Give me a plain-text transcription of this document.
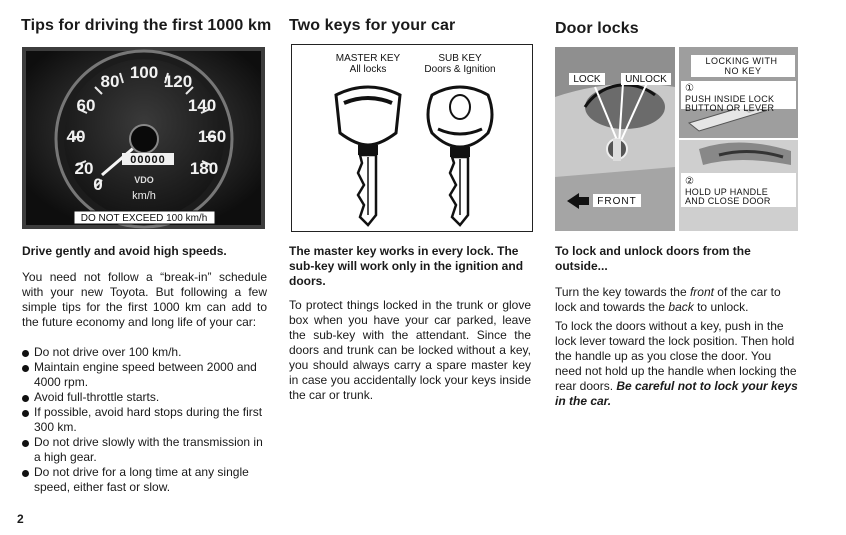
Tips for driving the first 1000 km
0
20
40
60
80 100 120
140
160
180
00000
VDO
km/h
DO NOT EXCEED 100 km/h
Drive gently and avoid high speeds.
You need not follow a “break-in” schedule with your new Toyota. But following a few simple tips for the first 1000 km can add to the future economy and long life of your car:
Do not drive over 100 km/h.
Maintain engine speed between 2000 and 4000 rpm.
Avoid full-throttle starts.
If possible, avoid hard stops during the first 300 km.
Do not drive slowly with the transmission in a high gear.
Do not drive for a long time at any single speed, either fast or slow.
Two keys for your car
MASTER KEY
All locks
SUB KEY
Doors & Ignition
The master key works in every lock. The sub-key will work only in the ignition and doors.
To protect things locked in the trunk or glove box when you have your car parked, leave the sub-key with the attendant. Since the doors and trunk can be locked without a key, you should always carry a spare master key in case you accidentally lock your keys inside the car or trunk.
Door locks
LOCK UNLOCK
FRONT
LOCKING WITH NO KEY
①
PUSH INSIDE LOCK BUTTON OR LEVER
②
HOLD UP HANDLE AND CLOSE DOOR
To lock and unlock doors from the outside...
Turn the key towards the front of the car to lock and towards the back to unlock.
To lock the doors without a key, push in the lock lever toward the lock position. Then hold the handle up as you close the door. You need not hold up the handle when locking the rear doors. Be careful not to lock your keys in the car.
2
